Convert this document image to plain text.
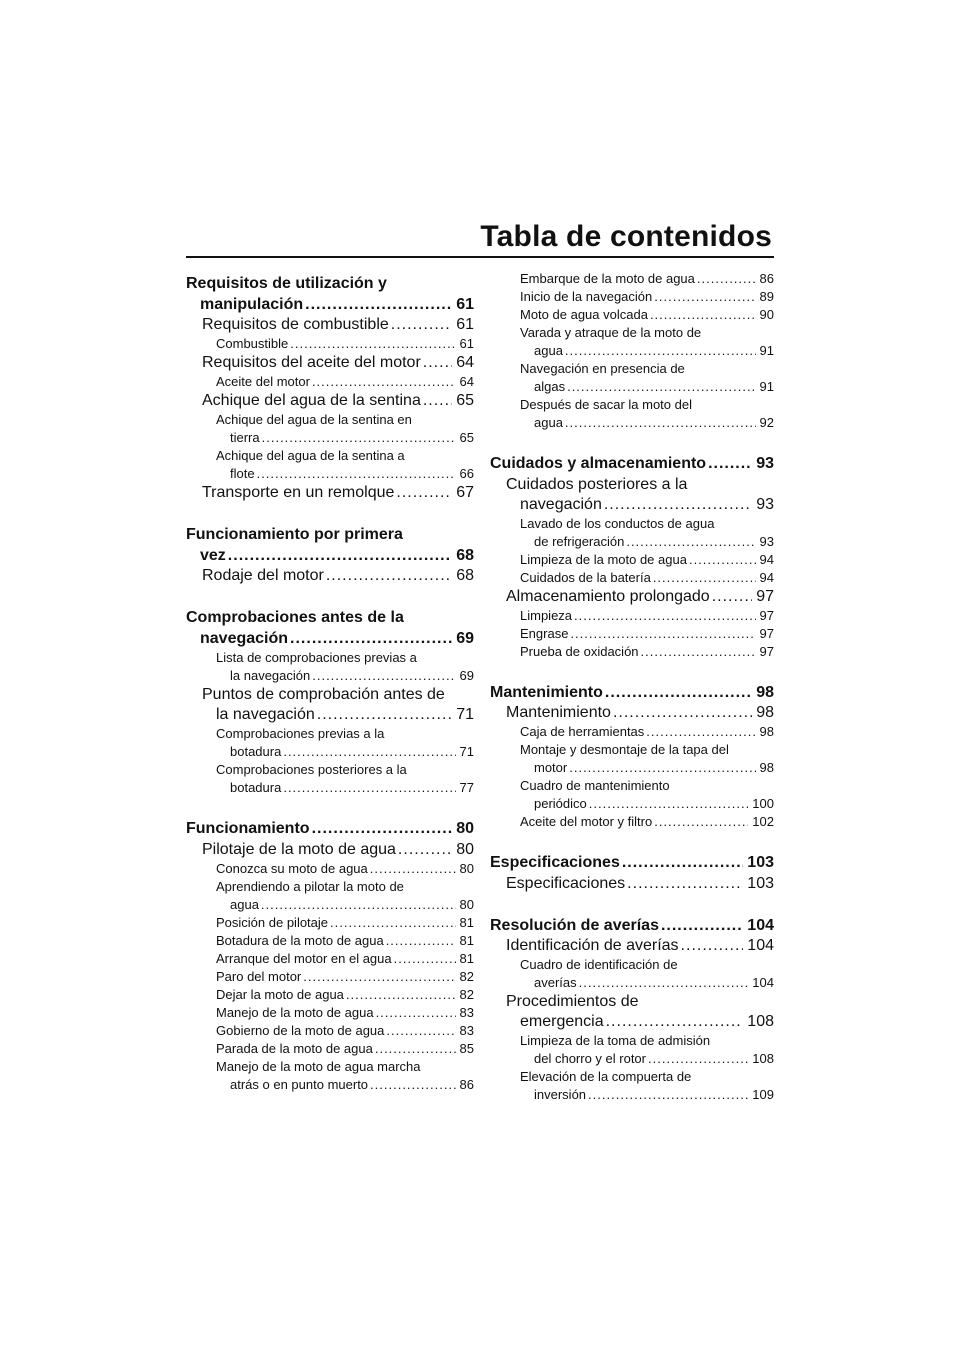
Tabla de contenidos
Requisitos de utilización y
manipulación .....	61
Requisitos de combustible .....	61
Combustible .....	61
Requisitos del aceite del motor ..... 64
Aceite del motor .....	64
Achique del agua de la sentina ..... 65
Achique del agua de la sentina en
tierra .....	65
Achique del agua de la sentina a
flote .....	66
Transporte en un remolque .....	67
Funcionamiento por primera
vez .....	68
Rodaje del motor .....	68
Comprobaciones antes de la
navegación .....	69
Lista de comprobaciones previas a
la navegación .....	69
Puntos de comprobación antes de
la navegación .....	71
Comprobaciones previas a la
botadura .....	71
Comprobaciones posteriores a la
botadura .....	77
Funcionamiento .....	80
Pilotaje de la moto de agua .....	80
Conozca su moto de agua .....	80
Aprendiendo a pilotar la moto de
agua .....	80
Posición de pilotaje .....	81
Botadura de la moto de agua .....	81
Arranque del motor en el agua .....	81
Paro del motor .....	82
Dejar la moto de agua .....	82
Manejo de la moto de agua .....	83
Gobierno de la moto de agua .....	83
Parada de la moto de agua .....	85
Manejo de la moto de agua marcha
atrás o en punto muerto .....	86
Embarque de la moto de agua .....	86
Inicio de la navegación .....	89
Moto de agua volcada .....	90
Varada y atraque de la moto de
agua .....	91
Navegación en presencia de
algas .....	91
Después de sacar la moto del
agua .....	92
Cuidados y almacenamiento .....	93
Cuidados posteriores a la
navegación .....	93
Lavado de los conductos de agua
de refrigeración .....	93
Limpieza de la moto de agua .....	94
Cuidados de la batería .....	94
Almacenamiento prolongado .....	97
Limpieza .....	97
Engrase .....	97
Prueba de oxidación .....	97
Mantenimiento .....	98
Mantenimiento .....	98
Caja de herramientas .....	98
Montaje y desmontaje de la tapa del
motor .....	98
Cuadro de mantenimiento
periódico .....	100
Aceite del motor y filtro .....	102
Especificaciones .....	103
Especificaciones .....	103
Resolución de averías .....	104
Identificación de averías .....	104
Cuadro de identificación de
averías .....	104
Procedimientos de
emergencia .....	108
Limpieza de la toma de admisión
del chorro y el rotor .....	108
Elevación de la compuerta de
inversión .....	109
